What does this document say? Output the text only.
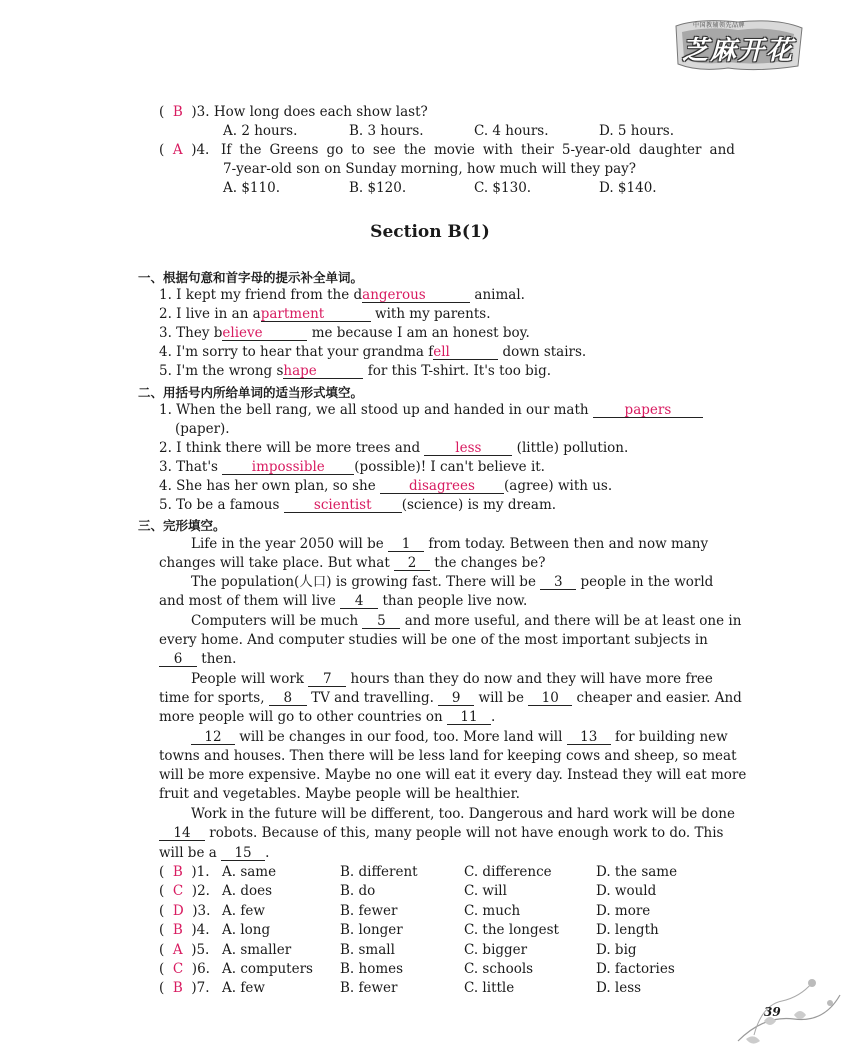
中国教辅领先品牌
芝麻开花
(  B )3. How long does each show last?
A. 2 hours.	B. 3 hours.	C. 4 hours.	D. 5 hours.
(  A )4. If the Greens go to see the movie with their 5-year-old daughter and
7-year-old son on Sunday morning, how much will they pay?
A. $110.	B. $120.	C. $130.	D. $140.
Section B(1)
一、根据句意和首字母的提示补全单词。
1. I kept my friend from the dangerous	animal.
2. I live in an apartment	with my parents.
3. They believe	me because I am an honest boy.
4. I'm sorry to hear that your grandma fell	down stairs.
5. I'm the wrong shape	for this T-shirt. It's too big.
二、用括号内所给单词的适当形式填空。
1. When the bell rang, we all stood up and handed in our math	papers
(paper).
2. I think there will be more trees and less (little) pollution.
3. That's impossible (possible)! I can't believe it.
4. She has her own plan, so she disagrees (agree) with us.
5. To be a famous scientist (science) is my dream.
三、完形填空。
Life in the year 2050 will be 1 from today. Between then and now many
changes will take place. But what 2 the changes be?
The population(人口) is growing fast. There will be 3 people in the world
and most of them will live 4 than people live now.
Computers will be much 5 and more useful, and there will be at least one in
every home. And computer studies will be one of the most important subjects in
6 then.
People will work 7 hours than they do now and they will have more free
time for sports, 8 TV and travelling. 9 will be 10 cheaper and easier. And
more people will go to other countries on 11 .
12 will be changes in our food, too. More land will 13 for building new
towns and houses. Then there will be less land for keeping cows and sheep, so meat
will be more expensive. Maybe no one will eat it every day. Instead they will eat more
fruit and vegetables. Maybe people will be healthier.
Work in the future will be different, too. Dangerous and hard work will be done
14 robots. Because of this, many people will not have enough work to do. This
will be a 15 .
(  B )1. A. same	B. different	C. difference	D. the same
(  C )2. A. does	B. do	C. will	D. would
(  D )3. A. few	B. fewer	C. much	D. more
(  B )4. A. long	B. longer	C. the longest	D. length
(  A )5. A. smaller	B. small	C. bigger	D. big
(  C )6. A. computers B. homes	C. schools	D. factories
(  B )7. A. few	B. fewer	C. little	D. less
39
